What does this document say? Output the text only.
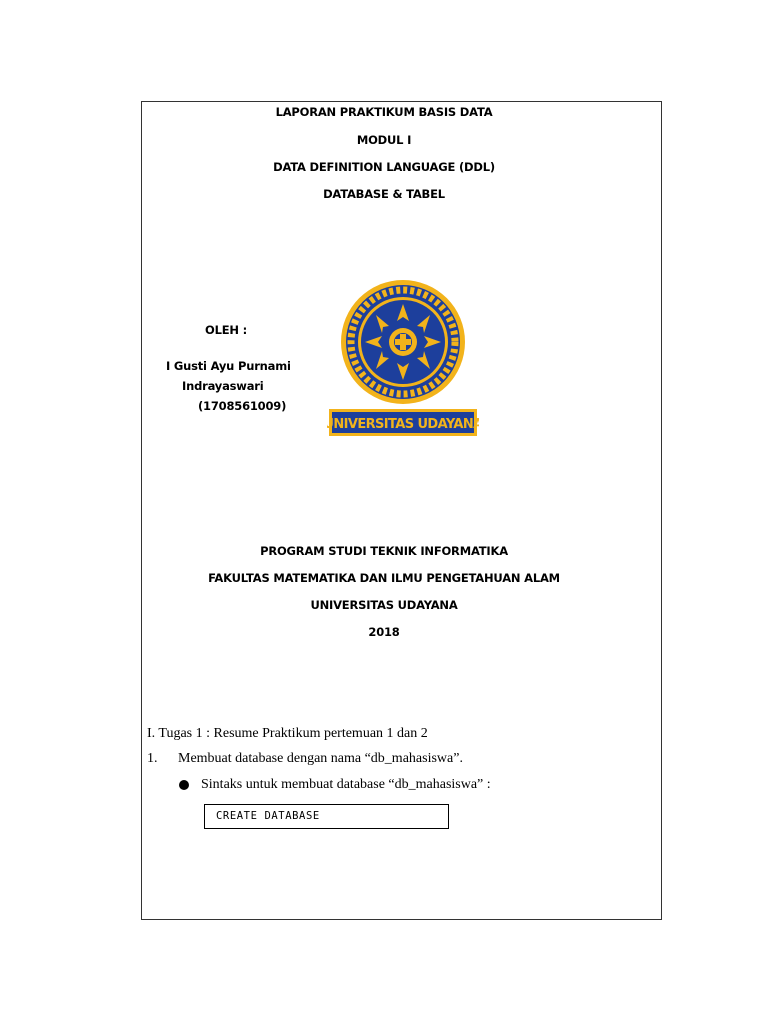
LAPORAN PRAKTIKUM BASIS DATA
MODUL I
DATA DEFINITION LANGUAGE (DDL)
DATABASE & TABEL
OLEH :
I Gusti Ayu Purnami
Indrayaswari
(1708561009)
UNIVERSITAS UDAYANA
PROGRAM STUDI TEKNIK INFORMATIKA
FAKULTAS MATEMATIKA DAN ILMU PENGETAHUAN ALAM
UNIVERSITAS UDAYANA
2018
I. Tugas 1 : Resume Praktikum pertemuan 1 dan 2
1. Membuat database dengan nama “db_mahasiswa”.
Sintaks untuk membuat database “db_mahasiswa” :
CREATE DATABASE
